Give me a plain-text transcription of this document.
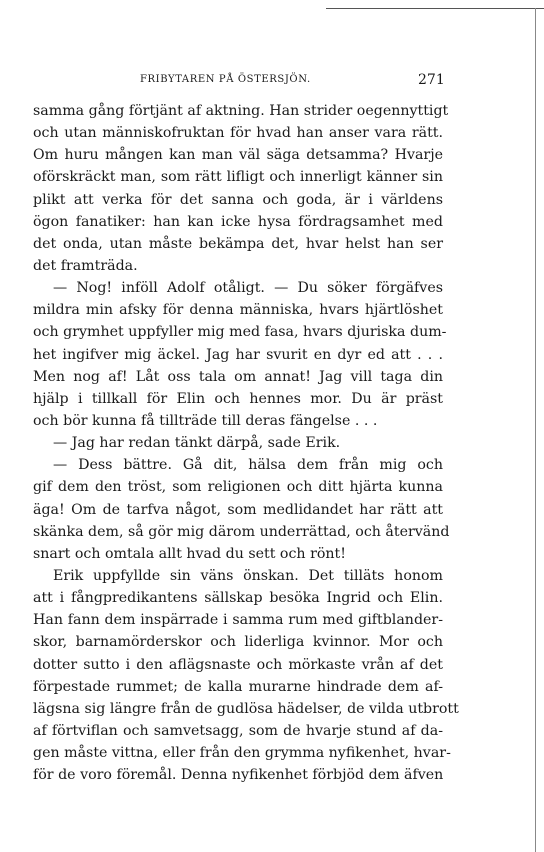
FRIBYTAREN PÅ ÖSTERSJÖN.	271
samma gång förtjänt af aktning. Han strider oegennyttigt
och utan människofruktan för hvad han anser vara rätt.
Om huru mången kan man väl säga detsamma? Hvarje
oförskräckt man, som rätt lifligt och innerligt känner sin
plikt att verka för det sanna och goda, är i världens
ögon fanatiker: han kan icke hysa fördragsamhet med
det onda, utan måste bekämpa det, hvar helst han ser
det framträda.
— Nog! inföll Adolf otåligt. — Du söker förgäfves
mildra min afsky för denna människa, hvars hjärtlöshet
och grymhet uppfyller mig med fasa, hvars djuriska dum-
het ingifver mig äckel. Jag har svurit en dyr ed att . . .
Men nog af! Låt oss tala om annat! Jag vill taga din
hjälp i tillkall för Elin och hennes mor. Du är präst
och bör kunna få tillträde till deras fängelse . . .
— Jag har redan tänkt därpå, sade Erik.
— Dess bättre. Gå dit, hälsa dem från mig och
gif dem den tröst, som religionen och ditt hjärta kunna
äga! Om de tarfva något, som medlidandet har rätt att
skänka dem, så gör mig därom underrättad, och återvänd
snart och omtala allt hvad du sett och rönt!
Erik uppfyllde sin väns önskan. Det tilläts honom
att i fångpredikantens sällskap besöka Ingrid och Elin.
Han fann dem inspärrade i samma rum med giftblander-
skor, barnamörderskor och liderliga kvinnor. Mor och
dotter sutto i den aflägsnaste och mörkaste vrån af det
förpestade rummet; de kalla murarne hindrade dem af-
lägsna sig längre från de gudlösa hädelser, de vilda utbrott
af förtviflan och samvetsagg, som de hvarje stund af da-
gen måste vittna, eller från den grymma nyfikenhet, hvar-
för de voro föremål. Denna nyfikenhet förbjöd dem äfven
